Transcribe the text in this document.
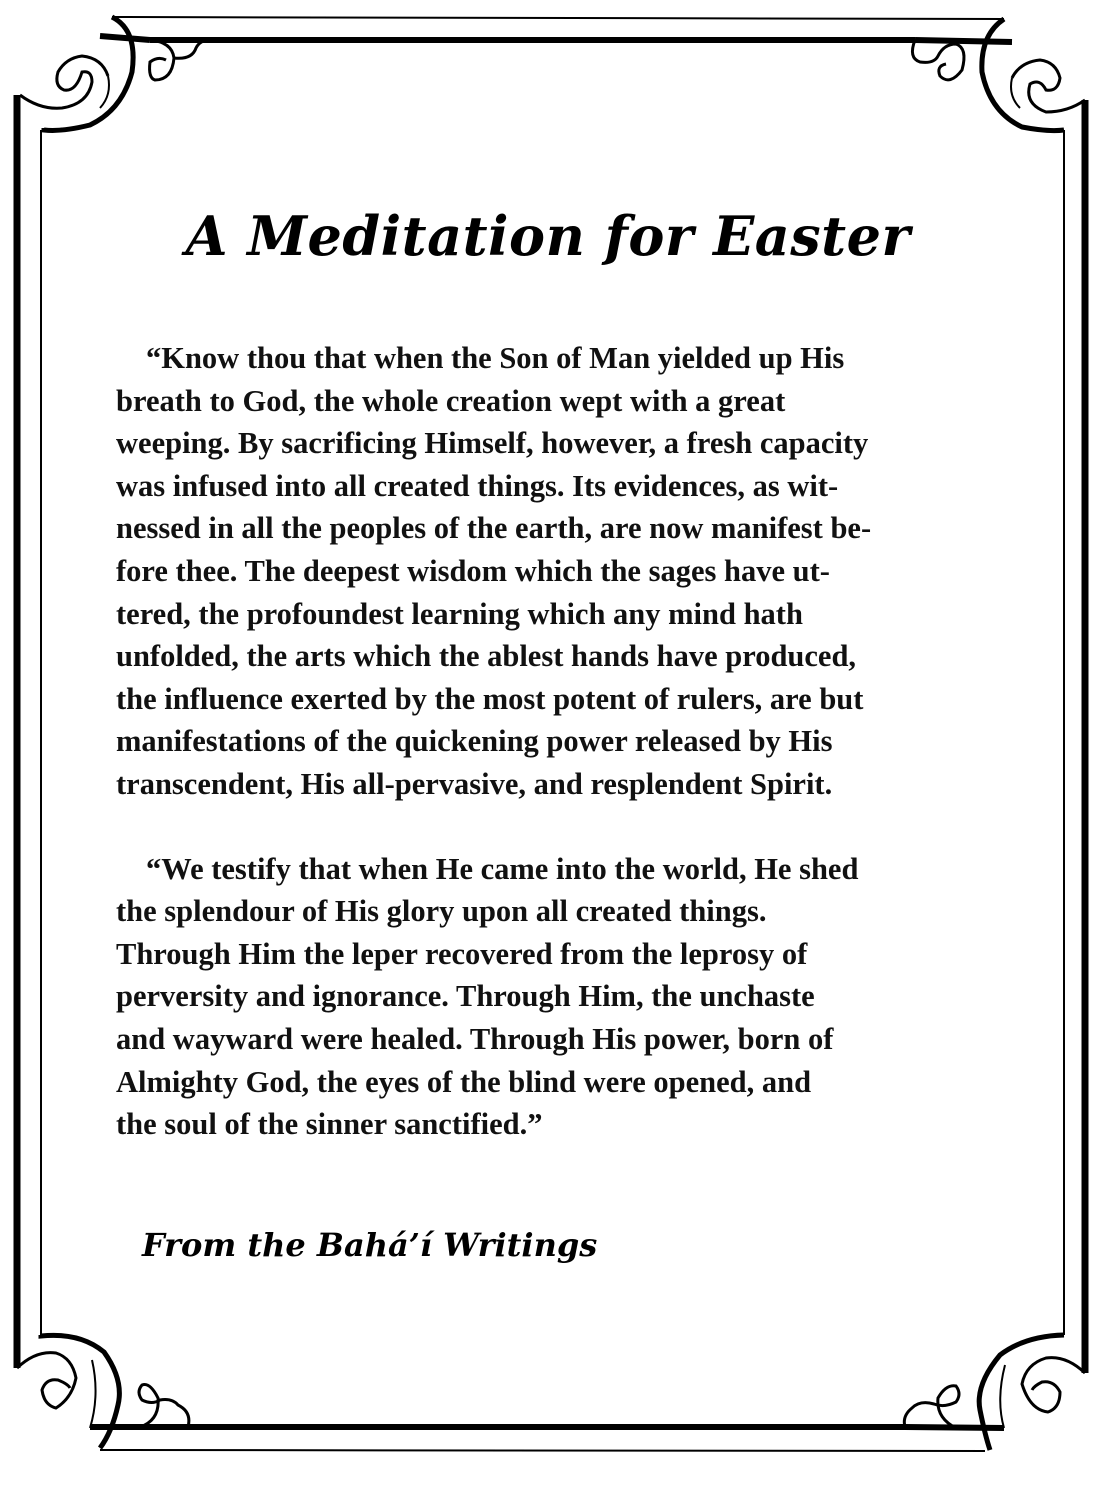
A Meditation for Easter

“Know thou that when the Son of Man yielded up His
breath to God, the whole creation wept with a great
weeping. By sacrificing Himself, however, a fresh capacity
was infused into all created things. Its evidences, as wit-
nessed in all the peoples of the earth, are now manifest be-
fore thee. The deepest wisdom which the sages have ut-
tered, the profoundest learning which any mind hath
unfolded, the arts which the ablest hands have produced,
the influence exerted by the most potent of rulers, are but
manifestations of the quickening power released by His
transcendent, His all-pervasive, and resplendent Spirit.

“We testify that when He came into the world, He shed
the splendour of His glory upon all created things.
Through Him the leper recovered from the leprosy of
perversity and ignorance. Through Him, the unchaste
and wayward were healed. Through His power, born of
Almighty God, the eyes of the blind were opened, and
the soul of the sinner sanctified.”

From the Bahá’í Writings
